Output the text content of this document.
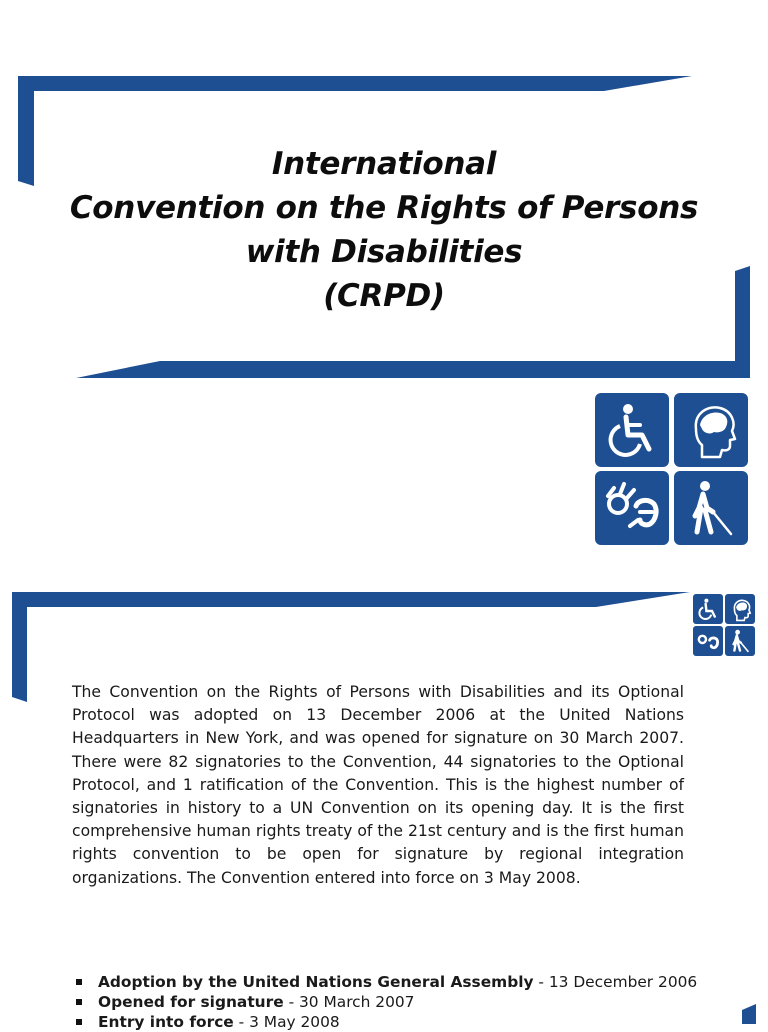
International
Convention on the Rights of Persons
with Disabilities
(CRPD)
The Convention on the Rights of Persons with Disabilities and its Optional Protocol was adopted on 13 December 2006 at the United Nations Headquarters in New York, and was opened for signature on 30 March 2007. There were 82 signatories to the Convention, 44 signatories to the Optional Protocol, and 1 ratification of the Convention. This is the highest number of signatories in history to a UN Convention on its opening day. It is the first comprehensive human rights treaty of the 21st century and is the first human rights convention to be open for signature by regional integration organizations. The Convention entered into force on 3 May 2008.
Adoption by the United Nations General Assembly - 13 December 2006
Opened for signature - 30 March 2007
Entry into force - 3 May 2008
